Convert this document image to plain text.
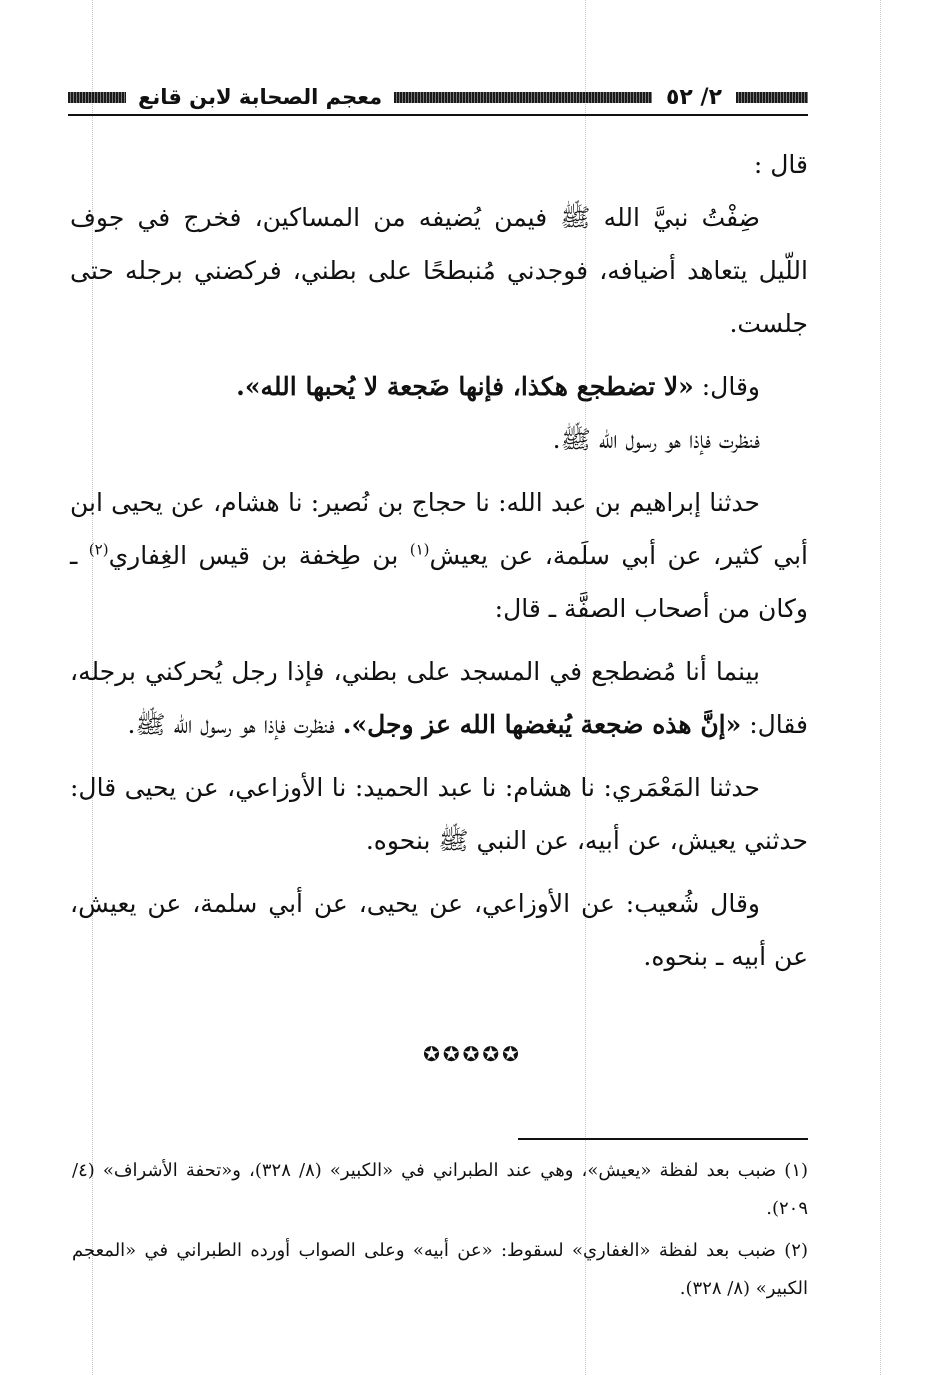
٢/ ٥٢
معجم الصحابة لابن قانع

قال :

ضِفْتُ نبيَّ الله ﷺ فيمن يُضيفه من المساكين، فخرج في جوف اللّيل يتعاهد أضيافه، فوجدني مُنبطحًا على بطني، فركضني برجله حتى جلست.

وقال: «لا تضطجع هكذا، فإنها ضَجعة لا يُحبها الله».

فنظرت فإذا هو رسول الله ﷺ.

حدثنا إبراهيم بن عبد الله: نا حجاج بن نُصير: نا هشام، عن يحيى ابن أبي كثير، عن أبي سلَمة، عن يعيش$^{(١)}$ بن طِخفة بن قيس الغِفاري$^{(٢)}$ ـ وكان من أصحاب الصفَّة ـ قال:

بينما أنا مُضطجع في المسجد على بطني، فإذا رجل يُحركني برجله، فقال: «إنَّ هذه ضجعة يُبغضها الله عز وجل». فنظرت فإذا هو رسول الله ﷺ.

حدثنا المَعْمَري: نا هشام: نا عبد الحميد: نا الأوزاعي، عن يحيى قال: حدثني يعيش، عن أبيه، عن النبي ﷺ بنحوه.

وقال شُعيب: عن الأوزاعي، عن يحيى، عن أبي سلمة، عن يعيش، عن أبيه ـ بنحوه.

✪✪✪✪✪

(١) ضبب بعد لفظة «يعيش»، وهي عند الطبراني في «الكبير» (٨/ ٣٢٨)، و«تحفة الأشراف» (٤/ ٢٠٩).

(٢) ضبب بعد لفظة «الغفاري» لسقوط: «عن أبيه» وعلى الصواب أورده الطبراني في «المعجم الكبير» (٨/ ٣٢٨).
